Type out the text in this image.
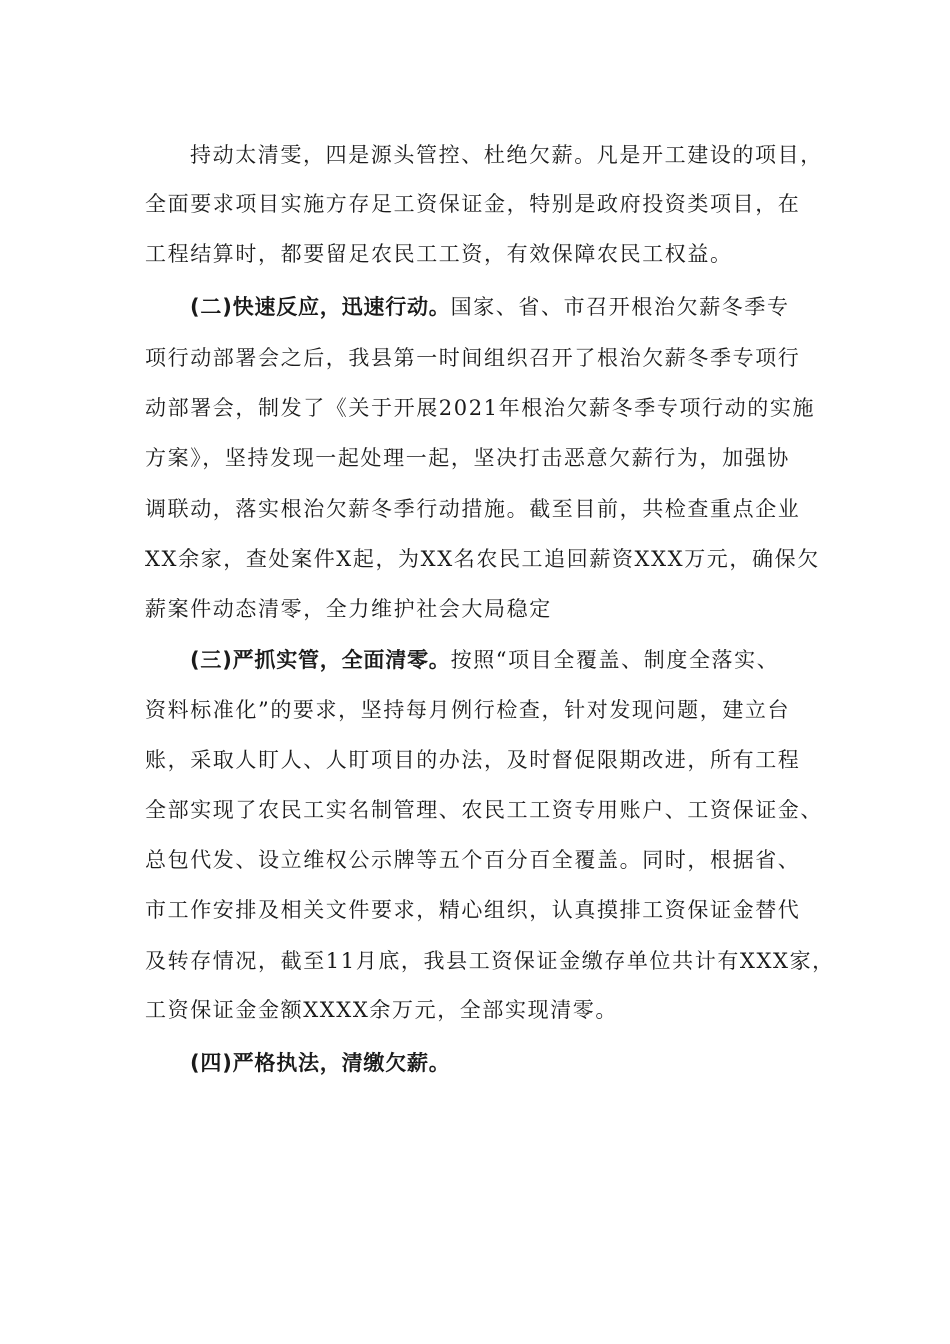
持动太清雯，四是源头管控、杜绝欠薪。凡是开工建设的项目，
全面要求项目实施方存足工资保证金，特别是政府投资类项目，在
工程结算时，都要留足农民工工资，有效保障农民工权益。
(二)快速反应，迅速行动。国家、省、市召开根治欠薪冬季专
项行动部署会之后，我县第一时间组织召开了根治欠薪冬季专项行
动部署会，制发了《关于开展2021年根治欠薪冬季专项行动的实施
方案》，坚持发现一起处理一起，坚决打击恶意欠薪行为，加强协
调联动，落实根治欠薪冬季行动措施。截至目前，共检查重点企业
XX余家，查处案件X起，为XX名农民工追回薪资XXX万元，确保欠
薪案件动态清零，全力维护社会大局稳定
(三)严抓实管，全面清零。按照“项目全覆盖、制度全落实、
资料标准化”的要求，坚持每月例行检查，针对发现问题，建立台
账，采取人盯人、人盯项目的办法，及时督促限期改进，所有工程
全部实现了农民工实名制管理、农民工工资专用账户、工资保证金、
总包代发、设立维权公示牌等五个百分百全覆盖。同时，根据省、
市工作安排及相关文件要求，精心组织，认真摸排工资保证金替代
及转存情况，截至11月底，我县工资保证金缴存单位共计有XXX家，
工资保证金金额XXXX余万元，全部实现清零。
(四)严格执法，清缴欠薪。
